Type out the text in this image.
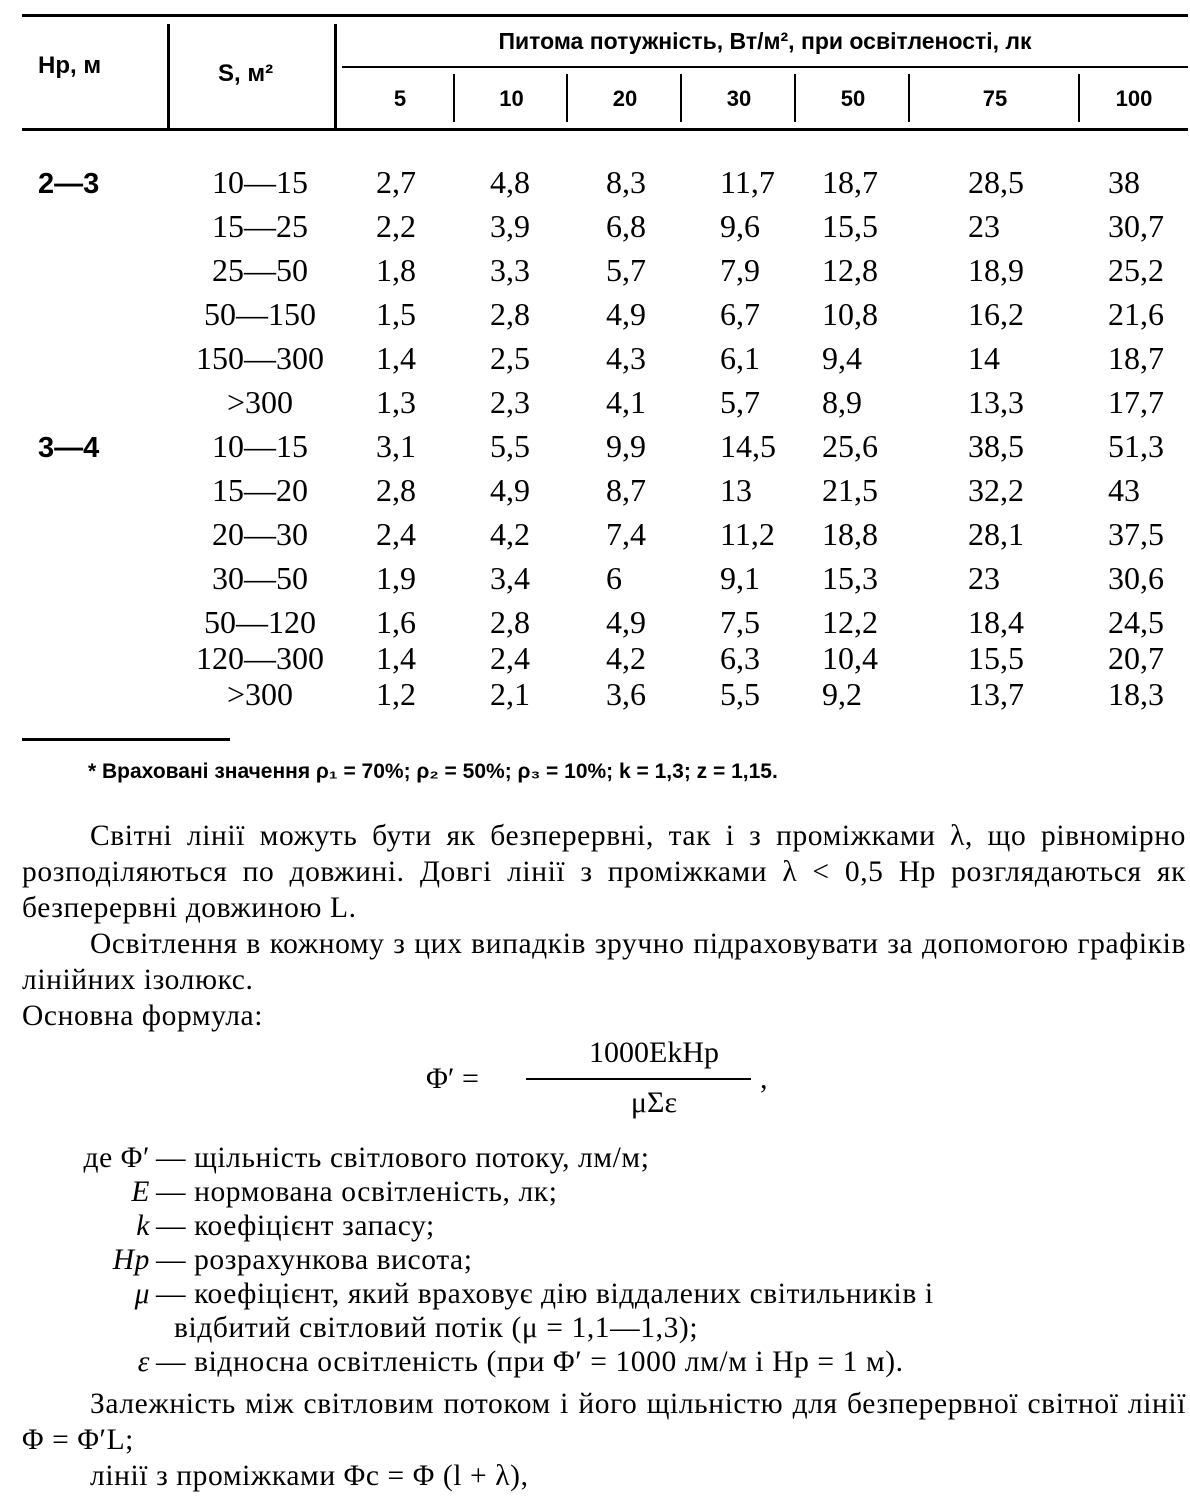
Hр, м	S, м²
Питома потужність, Вт/м², при освітленості, лк
5	10	20	30	50	75	100
2—3	10—15	2,7	4,8	8,3	11,7	18,7	28,5	38
15—25	2,2	3,9	6,8	9,6	15,5	23	30,7
25—50	1,8	3,3	5,7	7,9	12,8	18,9	25,2
50—150	1,5	2,8	4,9	6,7	10,8	16,2	21,6
150—300	1,4	2,5	4,3	6,1	9,4	14	18,7
>300	1,3	2,3	4,1	5,7	8,9	13,3	17,7
3—4	10—15	3,1	5,5	9,9	14,5	25,6	38,5	51,3
15—20	2,8	4,9	8,7	13	21,5	32,2	43
20—30	2,4	4,2	7,4	11,2	18,8	28,1	37,5
30—50	1,9	3,4	6	9,1	15,3	23	30,6
50—120	1,6	2,8	4,9	7,5	12,2	18,4	24,5
120—300	1,4	2,4	4,2	6,3	10,4	15,5	20,7
>300	1,2	2,1	3,6	5,5	9,2	13,7	18,3
* Враховані значення ρ₁ = 70%; ρ₂ = 50%; ρ₃ = 10%; k = 1,3; z = 1,15.

Світні лінії можуть бути як безперервні, так і з проміжками λ, що рівномірно розподіляються по довжині. Довгі лінії з проміжками λ < 0,5 Hр розглядаються як безперервні довжиною L.

Освітлення в кожному з цих випадків зручно підраховувати за допомогою графіків лінійних ізолюкс.

Основна формула:

Φ′ =
1000EkHр
μΣε
,
де Φ′ — щільність світлового потоку, лм/м;
E — нормована освітленість, лк;
k — коефіцієнт запасу;
Hр — розрахункова висота;
μ — коефіцієнт, який враховує дію віддалених світильників і
відбитий світловий потік (μ = 1,1—1,3);
ε — відносна освітленість (при Φ′ = 1000 лм/м і Hр = 1 м).

Залежність між світловим потоком і його щільністю для безперервної світної лінії Φ = Φ′L;

лінії з проміжками Φс = Φ (l + λ),
